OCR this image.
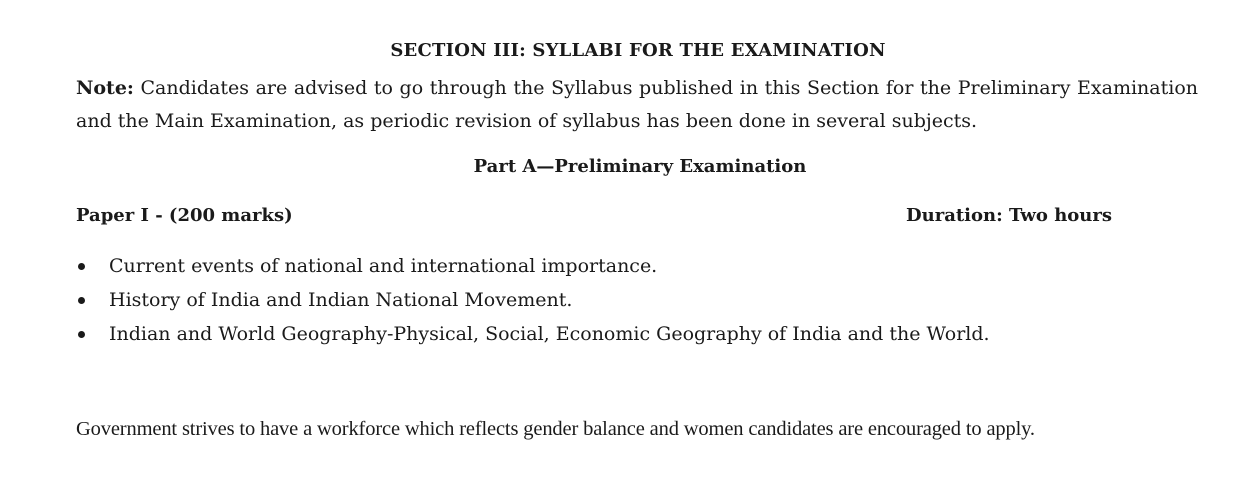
SECTION III: SYLLABI FOR THE EXAMINATION
Note: Candidates are advised to go through the Syllabus published in this Section for the Preliminary Examination and the Main Examination, as periodic revision of syllabus has been done in several subjects.
Part A—Preliminary Examination
Paper I - (200 marks)	Duration: Two hours
Current events of national and international importance.
History of India and Indian National Movement.
Indian and World Geography-Physical, Social, Economic Geography of India and the World.
Government strives to have a workforce which reflects gender balance and women candidates are encouraged to apply.
